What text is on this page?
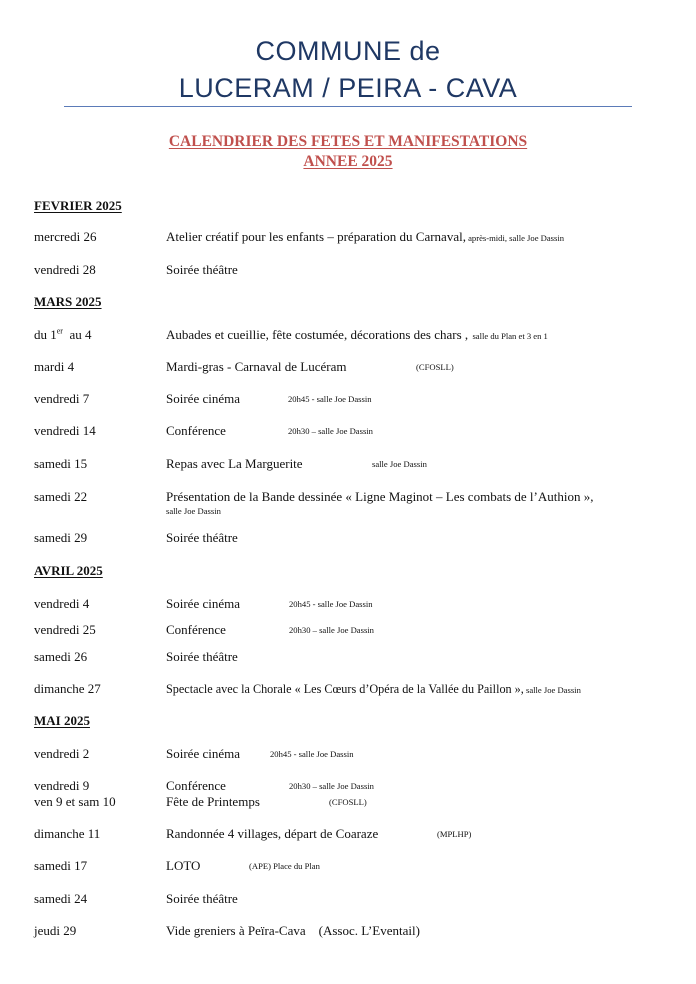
COMMUNE de
LUCERAM / PEIRA - CAVA
CALENDRIER DES FETES ET MANIFESTATIONS
ANNEE 2025
FEVRIER 2025
mercredi 26	Atelier créatif pour les enfants – préparation du Carnaval, après-midi, salle Joe Dassin
vendredi 28	Soirée théâtre
MARS 2025
du 1er  au 4	Aubades et cueillie, fête costumée, décorations des chars ,  salle du Plan et 3 en 1
mardi 4	Mardi-gras - Carnaval de Lucéram	(CFOSLL)
vendredi 7	Soirée cinéma	20h45 - salle Joe Dassin
vendredi 14	Conférence	20h30 – salle Joe Dassin
samedi 15	Repas avec La Marguerite	salle Joe Dassin
samedi 22	Présentation de la Bande dessinée « Ligne Maginot – Les combats de l’Authion »,
salle Joe Dassin
samedi 29	Soirée théâtre
AVRIL 2025
vendredi 4	Soirée cinéma	20h45 - salle Joe Dassin
vendredi 25	Conférence	20h30 – salle Joe Dassin
samedi 26	Soirée théâtre
dimanche 27	Spectacle avec la Chorale « Les Cœurs d’Opéra de la Vallée du Paillon », salle Joe Dassin
MAI 2025
vendredi 2	Soirée cinéma	20h45 - salle Joe Dassin
vendredi 9	Conférence	20h30 – salle Joe Dassin
ven 9 et sam 10	Fête de Printemps	(CFOSLL)
dimanche 11	Randonnée 4 villages, départ de Coaraze	(MPLHP)
samedi 17	LOTO	(APE) Place du Plan
samedi 24	Soirée théâtre
jeudi 29	Vide greniers à Peïra-Cava    (Assoc. L’Eventail)
